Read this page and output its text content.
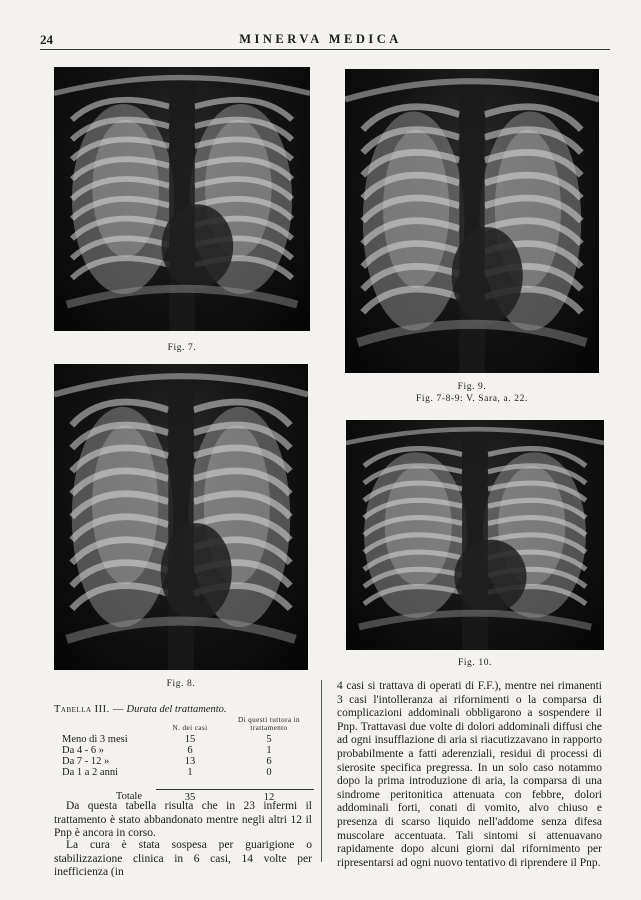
24	MINERVA MEDICA
Fig. 7.
Fig. 8.
Fig. 9.
Fig. 7-8-9: V. Sara, a. 22.
Fig. 10.
Tabella III. — Durata del trattamento.
	N. dei casi	Di questi tuttora in trattamento
Meno di 3 mesi	15	5
Da 4 - 6 »	6	1
Da 7 - 12 »	13	6
Da 1 a 2 anni	1	0

Totale	35	12

Da questa tabella risulta che in 23 infermi il trattamento è stato abbandonato mentre negli altri 12 il Pnp è ancora in corso.

La cura è stata sospesa per guarigione o stabilizzazione clinica in 6 casi, 14 volte per inefficienza (in

4 casi si trattava di operati di F.F.), mentre nei rimanenti 3 casi l'intolleranza ai rifornimenti o la comparsa di complicazioni addominali obbligarono a sospendere il Pnp. Trattavasi due volte di dolori addominali diffusi che ad ogni insufflazione di aria si riacutizzavano in rapporto probabilmente a fatti aderenziali, residui di processi di sierosite specifica pregressa. In un solo caso notammo dopo la prima introduzione di aria, la comparsa di una sindrome peritonitica attenuata con febbre, dolori addominali forti, conati di vomito, alvo chiuso e presenza di scarso liquido nell'addome senza difesa muscolare accentuata. Tali sintomi si attenuavano rapidamente dopo alcuni giorni dal rifornimento per ripresentarsi ad ogni nuovo tentativo di riprendere il Pnp.
